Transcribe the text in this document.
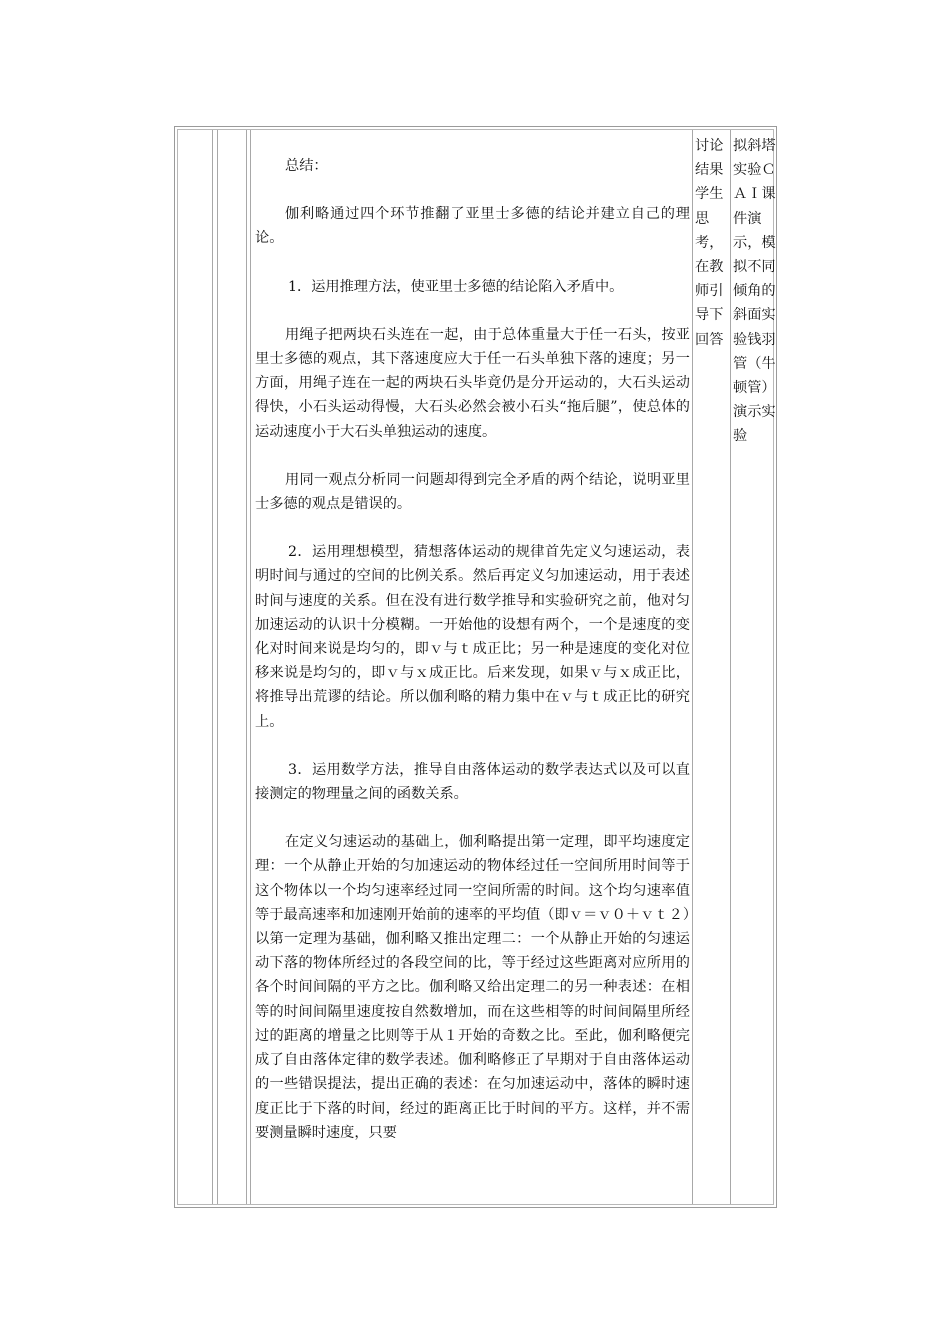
总结：

伽利略通过四个环节推翻了亚里士多德的结论并建立自己的理论。

1．运用推理方法，使亚里士多德的结论陷入矛盾中。

用绳子把两块石头连在一起，由于总体重量大于任一石头，按亚里士多德的观点，其下落速度应大于任一石头单独下落的速度；另一方面，用绳子连在一起的两块石头毕竟仍是分开运动的，大石头运动得快，小石头运动得慢，大石头必然会被小石头“拖后腿”，使总体的运动速度小于大石头单独运动的速度。

用同一观点分析同一问题却得到完全矛盾的两个结论，说明亚里士多德的观点是错误的。

2．运用理想模型，猜想落体运动的规律首先定义匀速运动，表明时间与通过的空间的比例关系。然后再定义匀加速运动，用于表述时间与速度的关系。但在没有进行数学推导和实验研究之前，他对匀加速运动的认识十分模糊。一开始他的设想有两个，一个是速度的变化对时间来说是均匀的，即ｖ与ｔ成正比；另一种是速度的变化对位移来说是均匀的，即ｖ与ｘ成正比。后来发现，如果ｖ与ｘ成正比，将推导出荒谬的结论。所以伽利略的精力集中在ｖ与ｔ成正比的研究上。

3．运用数学方法，推导自由落体运动的数学表达式以及可以直接测定的物理量之间的函数关系。

在定义匀速运动的基础上，伽利略提出第一定理，即平均速度定理：一个从静止开始的匀加速运动的物体经过任一空间所用时间等于这个物体以一个均匀速率经过同一空间所需的时间。这个均匀速率值等于最高速率和加速刚开始前的速率的平均值（即ｖ＝ｖ０＋ｖｔ２）以第一定理为基础，伽利略又推出定理二：一个从静止开始的匀速运动下落的物体所经过的各段空间的比，等于经过这些距离对应所用的各个时间间隔的平方之比。伽利略又给出定理二的另一种表述：在相等的时间间隔里速度按自然数增加，而在这些相等的时间间隔里所经过的距离的增量之比则等于从１开始的奇数之比。至此，伽利略便完成了自由落体定律的数学表述。伽利略修正了早期对于自由落体运动的一些错误提法，提出正确的表述：在匀加速运动中，落体的瞬时速度正比于下落的时间，经过的距离正比于时间的平方。这样，并不需要测量瞬时速度，只要

讨论结果学生思考，在教师引导下回答
拟斜塔实验ＣＡＩ课件演示，模拟不同倾角的斜面实验钱羽管（牛顿管）演示实验
